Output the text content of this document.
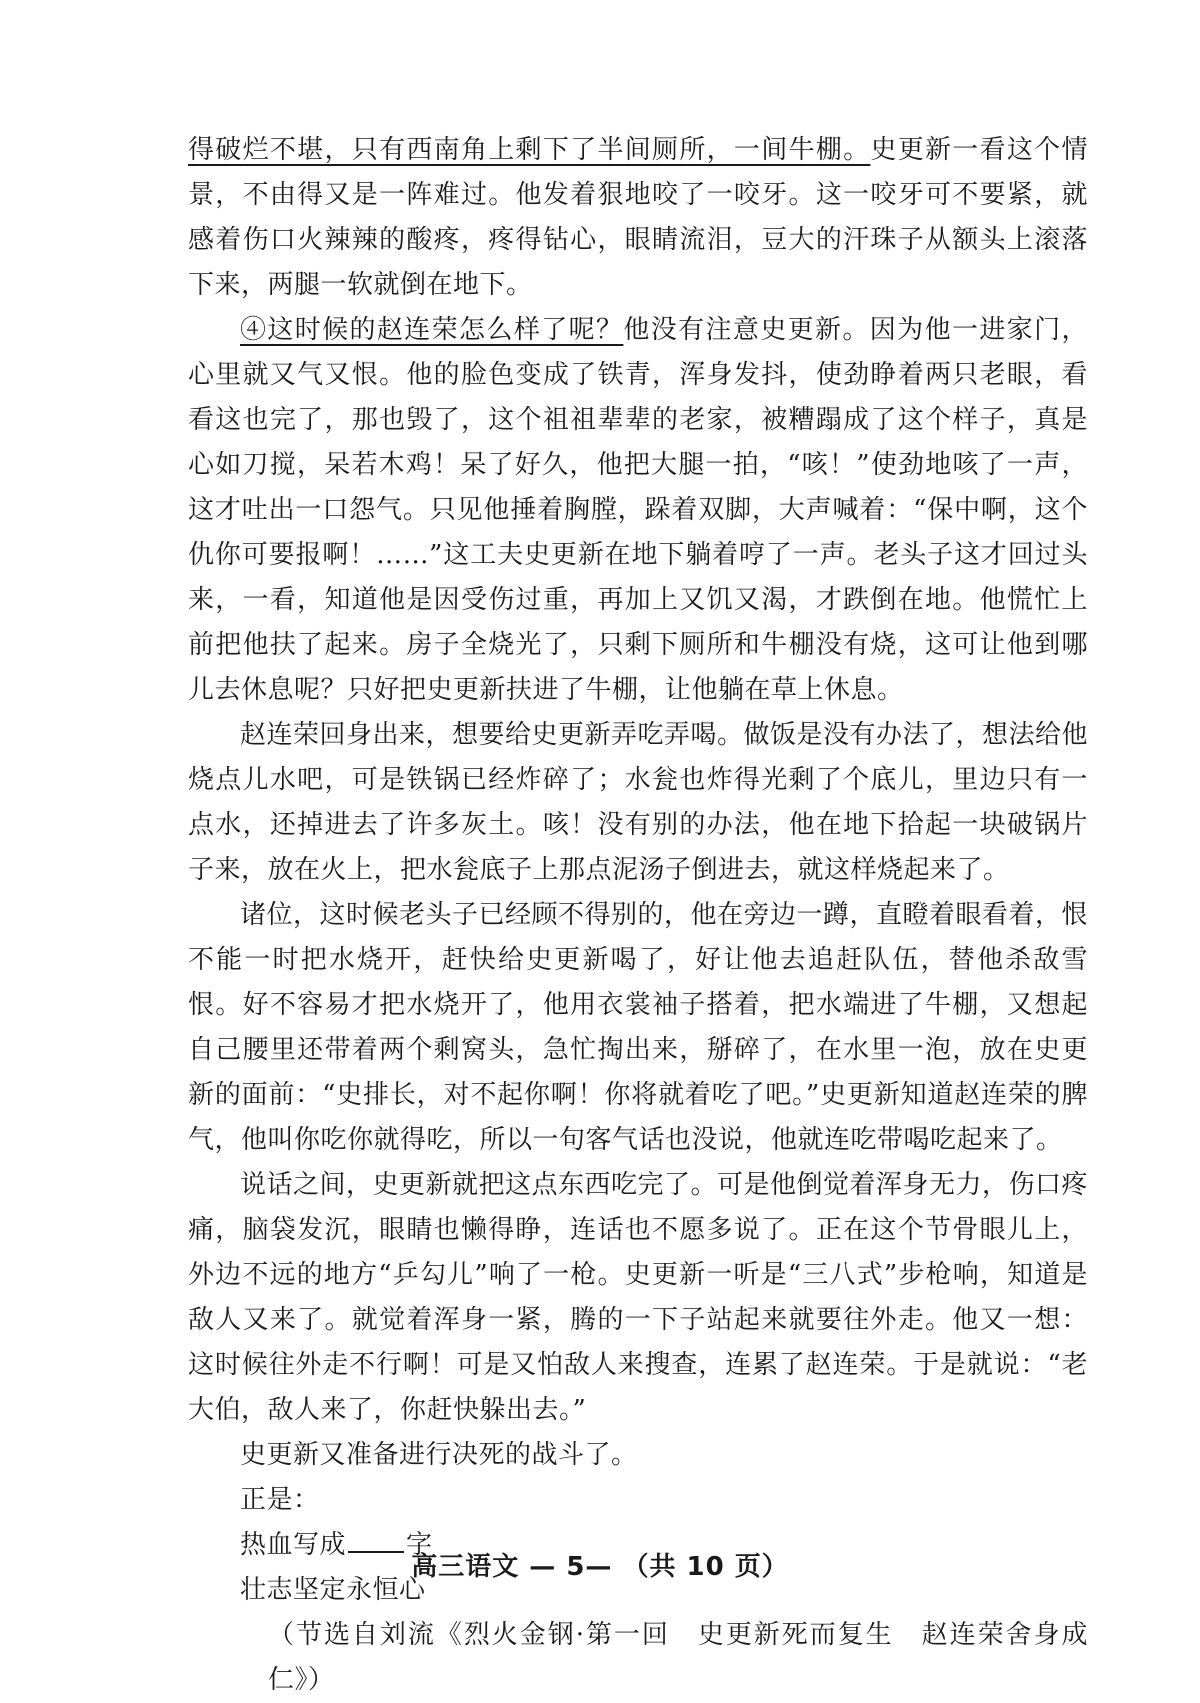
得破烂不堪，只有西南角上剩下了半间厕所，一间牛棚。史更新一看这个情景，不由得又是一阵难过。他发着狠地咬了一咬牙。这一咬牙可不要紧，就感着伤口火辣辣的酸疼，疼得钻心，眼睛流泪，豆大的汗珠子从额头上滚落下来，两腿一软就倒在地下。

④这时候的赵连荣怎么样了呢？他没有注意史更新。因为他一进家门，心里就又气又恨。他的脸色变成了铁青，浑身发抖，使劲睁着两只老眼，看看这也完了，那也毁了，这个祖祖辈辈的老家，被糟蹋成了这个样子，真是心如刀搅，呆若木鸡！呆了好久，他把大腿一拍，“咳！”使劲地咳了一声，这才吐出一口怨气。只见他捶着胸膛，跺着双脚，大声喊着：“保中啊，这个仇你可要报啊！……”这工夫史更新在地下躺着哼了一声。老头子这才回过头来，一看，知道他是因受伤过重，再加上又饥又渴，才跌倒在地。他慌忙上前把他扶了起来。房子全烧光了，只剩下厕所和牛棚没有烧，这可让他到哪儿去休息呢？只好把史更新扶进了牛棚，让他躺在草上休息。

赵连荣回身出来，想要给史更新弄吃弄喝。做饭是没有办法了，想法给他烧点儿水吧，可是铁锅已经炸碎了；水瓮也炸得光剩了个底儿，里边只有一点水，还掉进去了许多灰土。咳！没有别的办法，他在地下拾起一块破锅片子来，放在火上，把水瓮底子上那点泥汤子倒进去，就这样烧起来了。

诸位，这时候老头子已经顾不得别的，他在旁边一蹲，直瞪着眼看着，恨不能一时把水烧开，赶快给史更新喝了，好让他去追赶队伍，替他杀敌雪恨。好不容易才把水烧开了，他用衣裳袖子搭着，把水端进了牛棚，又想起自己腰里还带着两个剩窝头，急忙掏出来，掰碎了，在水里一泡，放在史更新的面前：“史排长，对不起你啊！你将就着吃了吧。”史更新知道赵连荣的脾气，他叫你吃你就得吃，所以一句客气话也没说，他就连吃带喝吃起来了。

说话之间，史更新就把这点东西吃完了。可是他倒觉着浑身无力，伤口疼痛，脑袋发沉，眼睛也懒得睁，连话也不愿多说了。正在这个节骨眼儿上，外边不远的地方“乒勾儿”响了一枪。史更新一听是“三八式”步枪响，知道是敌人又来了。就觉着浑身一紧，腾的一下子站起来就要往外走。他又一想：这时候往外走不行啊！可是又怕敌人来搜查，连累了赵连荣。于是就说：“老大伯，敌人来了，你赶快躲出去。”

史更新又准备进行决死的战斗了。

正是：

热血写成 字

壮志坚定永恒心

（节选自刘流《烈火金钢·第一回　史更新死而复生　赵连荣舍身成仁》）

高三语文 — 5— （共 10 页）
